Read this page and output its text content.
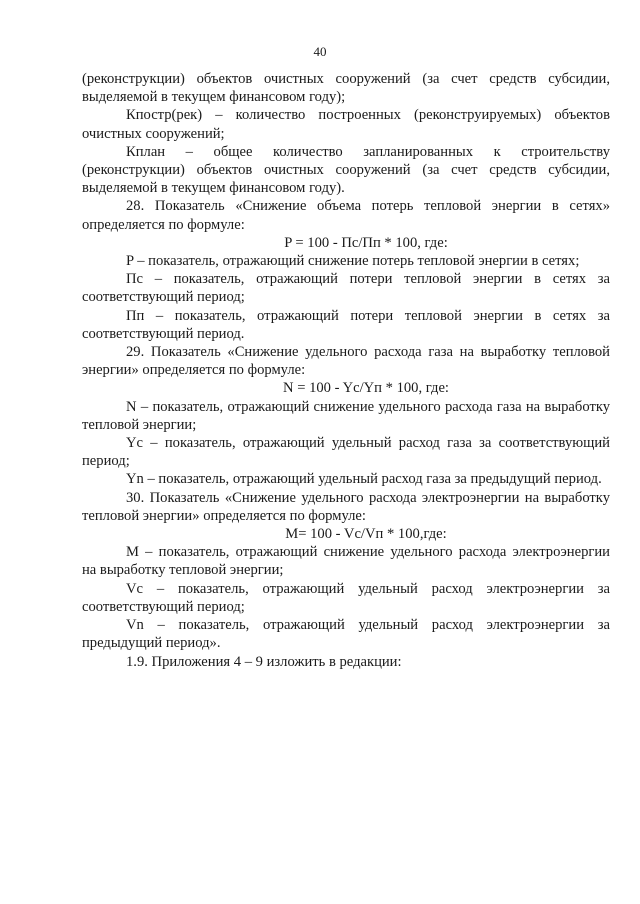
40

(реконструкции) объектов очистных сооружений (за счет средств субсидии, выделяемой в текущем финансовом году);

Кпостр(рек) – количество построенных (реконструируемых) объектов очистных сооружений;

Кплан – общее количество запланированных к строительству (реконструкции) объектов очистных сооружений (за счет средств субсидии, выделяемой в текущем финансовом году).

28. Показатель «Снижение объема потерь тепловой энергии в сетях» определяется по формуле:

P = 100 - Пс/Пп * 100, где:

P – показатель, отражающий снижение потерь тепловой энергии в сетях;

Пс – показатель, отражающий потери тепловой энергии в сетях за соответствующий период;

Пп – показатель, отражающий потери тепловой энергии в сетях за соответствующий период.

29. Показатель «Снижение удельного расхода газа на выработку тепловой энергии» определяется по формуле:

N = 100 - Yc/Yп * 100, где:

N – показатель, отражающий снижение удельного расхода газа на выработку тепловой энергии;

Yc – показатель, отражающий удельный расход газа за соответствующий период;

Yn – показатель, отражающий удельный расход газа за предыдущий период.

30. Показатель «Снижение удельного расхода электроэнергии на выработку тепловой энергии» определяется по формуле:

M= 100 - Vc/Vп * 100,где:

M – показатель, отражающий снижение удельного расхода электроэнергии на выработку тепловой энергии;

Vc – показатель, отражающий удельный расход электроэнергии за соответствующий период;

Vn – показатель, отражающий удельный расход электроэнергии за предыдущий период».

1.9. Приложения 4 – 9 изложить в редакции:
